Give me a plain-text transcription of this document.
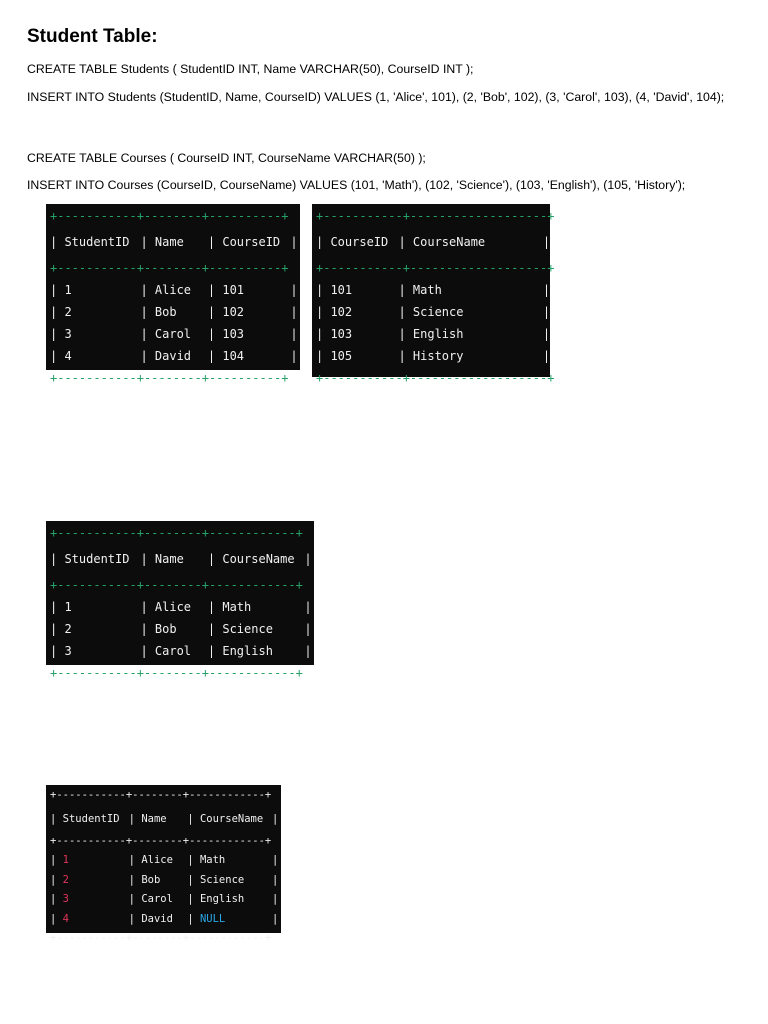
Student Table:

CREATE TABLE Students ( StudentID INT, Name VARCHAR(50), CourseID INT );

INSERT INTO Students (StudentID, Name, CourseID) VALUES (1, 'Alice', 101), (2, 'Bob', 102), (3, 'Carol', 103), (4, 'David', 104);

CREATE TABLE Courses ( CourseID INT, CourseName VARCHAR(50) );

INSERT INTO Courses (CourseID, CourseName) VALUES (101, 'Math'), (102, 'Science'), (103, 'English'), (105, 'History');

+-----------+--------+----------+
| StudentID | Name	| CourseID |
+-----------+--------+----------+
| 1	| Alice	| 101	|
| 2	| Bob	| 102	|
| 3	| Carol	| 103	|
| 4	| David	| 104	|
+-----------+--------+----------+
+-----------+-------------------+
| CourseID | CourseName	|
+-----------+-------------------+
| 101	| Math	|
| 102	| Science	|
| 103	| English	|
| 105	| History	|
+-----------+-------------------+
+-----------+--------+------------+
| StudentID | Name	| CourseName |
+-----------+--------+------------+
| 1	| Alice	| Math	|
| 2	| Bob	| Science	|
| 3	| Carol	| English	|
+-----------+--------+------------+
+-----------+--------+------------+
| StudentID | Name	| CourseName |
+-----------+--------+------------+
| 1	| Alice	| Math	|
| 2	| Bob	| Science	|
| 3	| Carol	| English	|
| 4	| David	| NULL	|
+-----------+--------+------------+
